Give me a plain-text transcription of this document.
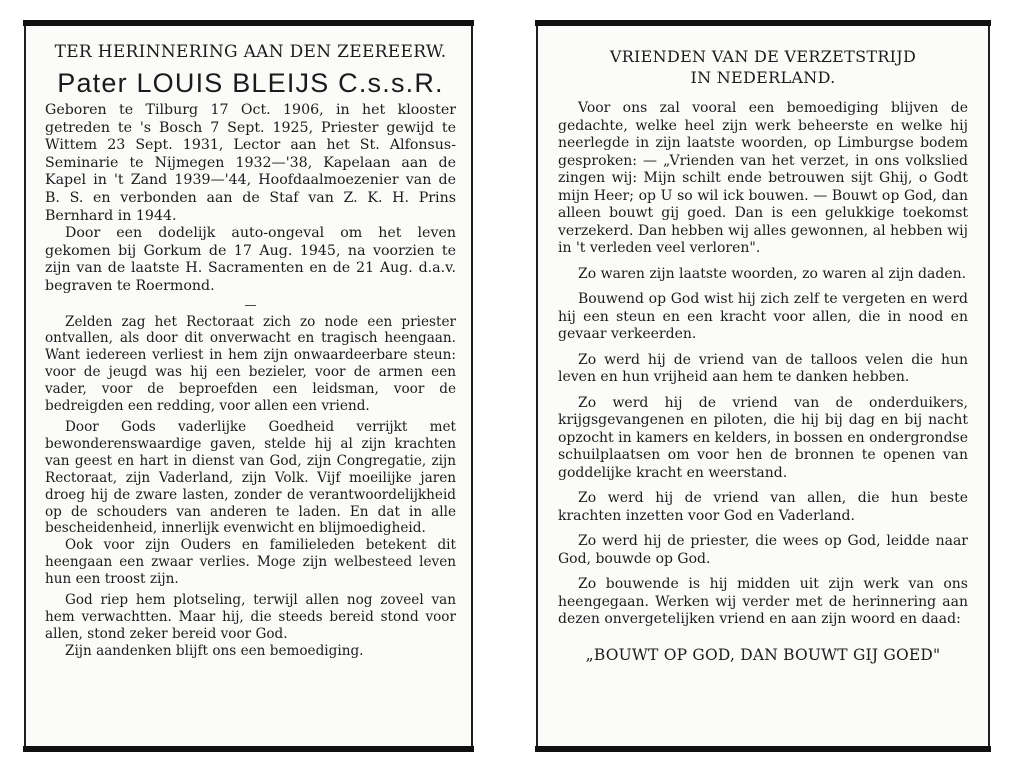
TER HERINNERING AAN DEN ZEEREERW.
Pater LOUIS BLEIJS C.s.s.R.

Geboren te Tilburg 17 Oct. 1906, in het klooster getreden te 's Bosch 7 Sept. 1925, Priester gewijd te Wittem 23 Sept. 1931, Lector aan het St. Alfonsus-Seminarie te Nijmegen 1932—'38, Kapelaan aan de Kapel in 't Zand 1939—'44, Hoofdaalmoezenier van de B. S. en verbonden aan de Staf van Z. K. H. Prins Bernhard in 1944.

Door een dodelijk auto-ongeval om het leven gekomen bij Gorkum de 17 Aug. 1945, na voorzien te zijn van de laatste H. Sacramenten en de 21 Aug. d.a.v. begraven te Roermond.

—

Zelden zag het Rectoraat zich zo node een priester ontvallen, als door dit onverwacht en tragisch heengaan. Want iedereen verliest in hem zijn onwaardeerbare steun: voor de jeugd was hij een bezieler, voor de armen een vader, voor de beproefden een leidsman, voor de bedreigden een redding, voor allen een vriend.

Door Gods vaderlijke Goedheid verrijkt met bewonderenswaardige gaven, stelde hij al zijn krachten van geest en hart in dienst van God, zijn Congregatie, zijn Rectoraat, zijn Vaderland, zijn Volk. Vijf moeilijke jaren droeg hij de zware lasten, zonder de verantwoordelijkheid op de schouders van anderen te laden. En dat in alle bescheidenheid, innerlijk evenwicht en blijmoedigheid.

Ook voor zijn Ouders en familieleden betekent dit heengaan een zwaar verlies. Moge zijn welbesteed leven hun een troost zijn.

God riep hem plotseling, terwijl allen nog zoveel van hem verwachtten. Maar hij, die steeds bereid stond voor allen, stond zeker bereid voor God.

Zijn aandenken blijft ons een bemoediging.

VRIENDEN VAN DE VERZETSTRIJD
IN NEDERLAND.

Voor ons zal vooral een bemoediging blijven de gedachte, welke heel zijn werk beheerste en welke hij neerlegde in zijn laatste woorden, op Limburgse bodem gesproken: — „Vrienden van het verzet, in ons volkslied zingen wij: Mijn schilt ende betrouwen sijt Ghij, o Godt mijn Heer; op U so wil ick bouwen. — Bouwt op God, dan alleen bouwt gij goed. Dan is een gelukkige toekomst verzekerd. Dan hebben wij alles gewonnen, al hebben wij in 't verleden veel verloren".

Zo waren zijn laatste woorden, zo waren al zijn daden.

Bouwend op God wist hij zich zelf te vergeten en werd hij een steun en een kracht voor allen, die in nood en gevaar verkeerden.

Zo werd hij de vriend van de talloos velen die hun leven en hun vrijheid aan hem te danken hebben.

Zo werd hij de vriend van de onderduikers, krijgsgevangenen en piloten, die hij bij dag en bij nacht opzocht in kamers en kelders, in bossen en ondergrondse schuilplaatsen om voor hen de bronnen te openen van goddelijke kracht en weerstand.

Zo werd hij de vriend van allen, die hun beste krachten inzetten voor God en Vaderland.

Zo werd hij de priester, die wees op God, leidde naar God, bouwde op God.

Zo bouwende is hij midden uit zijn werk van ons heengegaan. Werken wij verder met de herinnering aan dezen onvergetelijken vriend en aan zijn woord en daad:

„BOUWT OP GOD, DAN BOUWT GIJ GOED"
